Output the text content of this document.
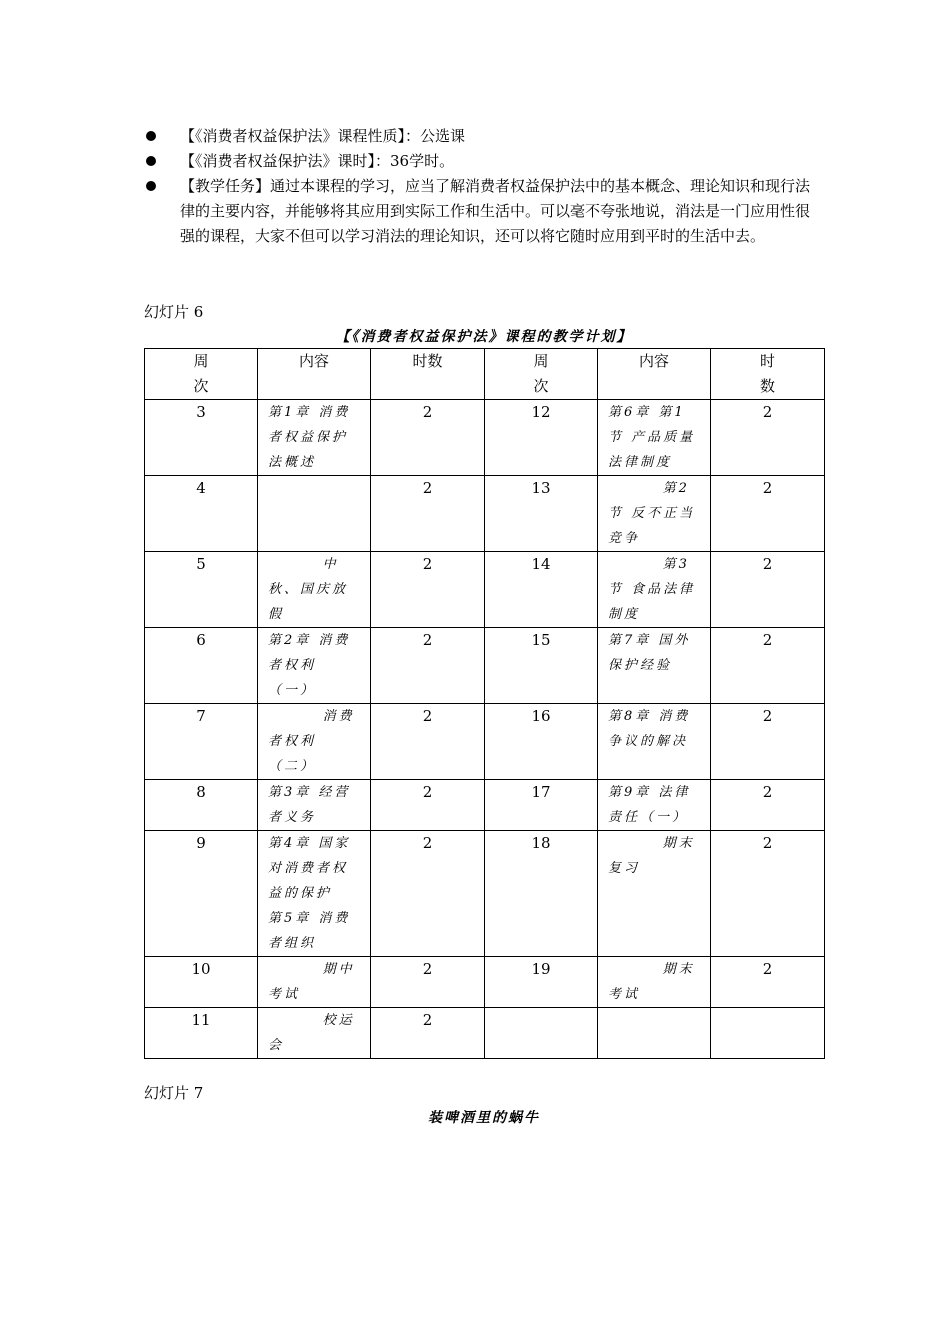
【《消费者权益保护法》课程性质】：公选课

【《消费者权益保护法》课时】：36学时。

【教学任务】通过本课程的学习，应当了解消费者权益保护法中的基本概念、理论知识和现行法律的主要内容，并能够将其应用到实际工作和生活中。可以毫不夸张地说，消法是一门应用性很强的课程，大家不但可以学习消法的理论知识，还可以将它随时应用到平时的生活中去。

幻灯片 6
【《消费者权益保护法》课程的教学计划】
周次	内容	时数	周次	内容	时数

3	第1章 消费
者权益保护
法概述	2	12	第6章 第1
节 产品质量
法律制度	2
4		2	13	第2
节 反不正当
竞争	2
5	中
秋、国庆放
假	2	14	第3
节 食品法律
制度	2
6	第2章 消费
者权利
（一）	2	15	第7章 国外
保护经验	2
7	消费
者权利
（二）	2	16	第8章 消费
争议的解决	2
8	第3章 经营
者义务	2	17	第9章 法律
责任（一）	2
9	第4章 国家
对消费者权
益的保护
第5章 消费
者组织	2	18	期末
复习	2
10	期中
考试	2	19	期末
考试	2
11	校运
会	2			
幻灯片 7
装啤酒里的蜗牛
